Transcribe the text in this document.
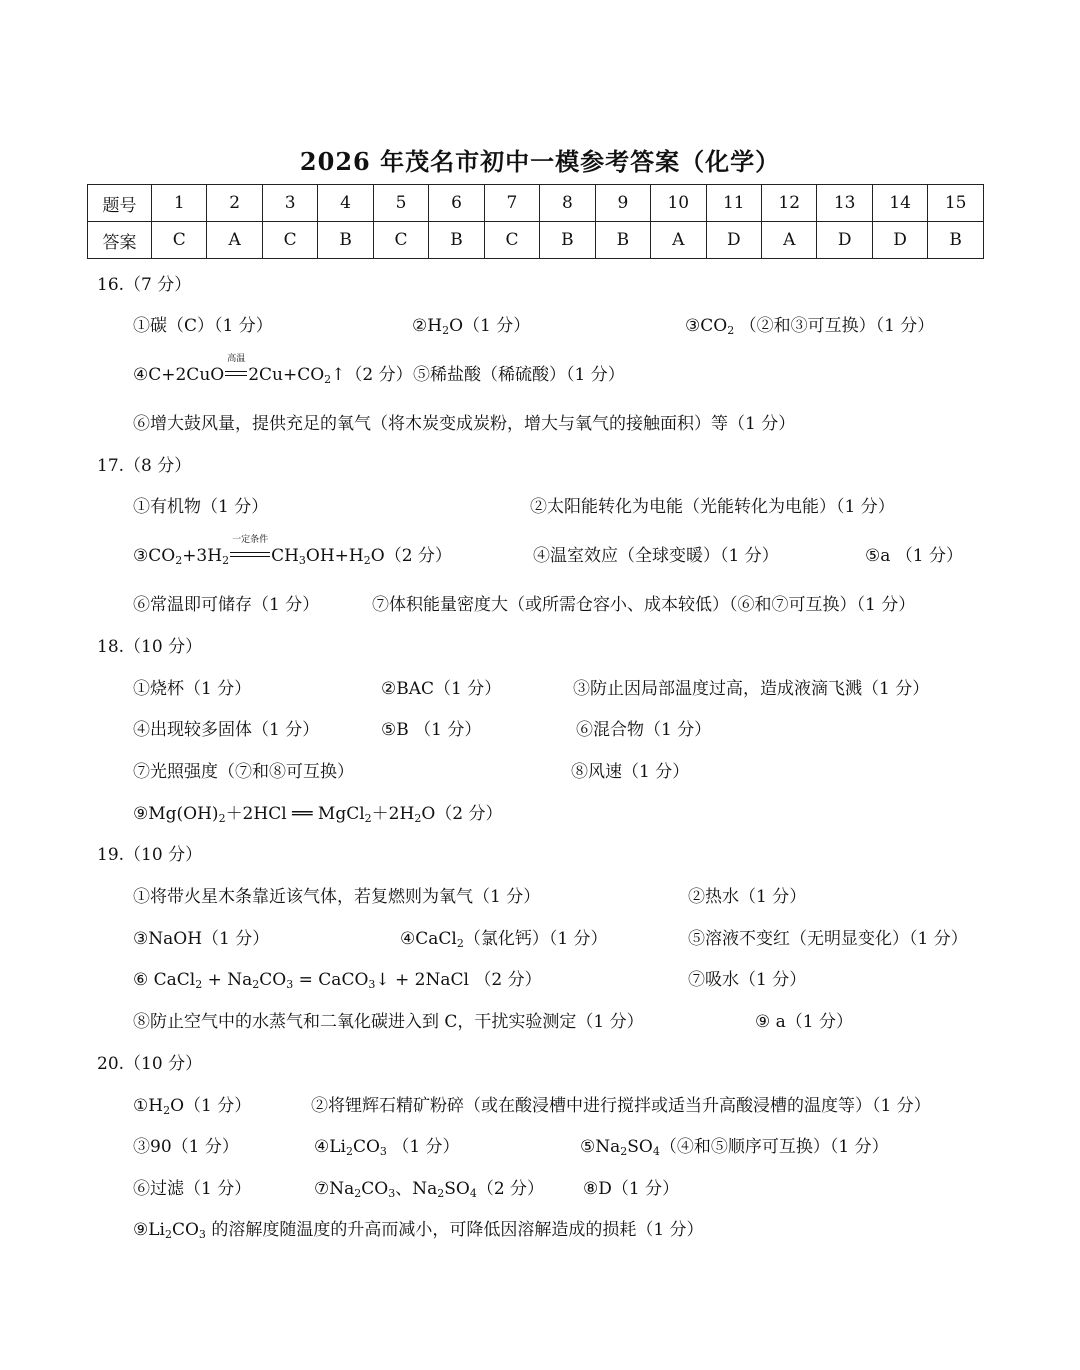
2026 年茂名市初中一模参考答案（化学）
题号	1	2	3	4	5	6	7	8	9	10	11	12	13	14	15
答案	C	A	C	B	C	B	C	B	B	A	D	A	D	D	B
16.（7 分）
①碳（C）（1 分）	$②H_2O(1$ 分）	$③CO_2$ （②和③可互换）（1 分）
④C+2CuO
高温
$2Cu+CO_2↑(2$ 分） ⑤稀盐酸（稀硫酸）（1 分）
⑥增大鼓风量，提供充足的氧气（将木炭变成炭粉，增大与氧气的接触面积）等（1 分）
17.（8 分）
①有机物（1 分）	②太阳能转化为电能（光能转化为电能）（1 分）
$③CO_2+3H_2$
一定条件
$CH_3OH+H_2O(2$ 分）	④温室效应（全球变暖）（1 分）	⑤a （1 分）
⑥常温即可储存（1 分）	⑦体积能量密度大（或所需仓容小、成本较低）（⑥和⑦可互换）（1 分）
18.（10 分）
①烧杯（1 分）	②BAC（1 分）	③防止因局部温度过高，造成液滴飞溅（1 分）
④出现较多固体（1 分）	⑤B （1 分）	⑥混合物（1 分）
⑦光照强度（⑦和⑧可互换）	⑧风速（1 分）
$⑨Mg(OH)_2+2HCl$ ══ $MgCl_2+2H_2O(2$ 分）
19.（10 分）
①将带火星木条靠近该气体，若复燃则为氧气（1 分）	②热水（1 分）
③NaOH（1 分）	④CaCl$_2$（氯化钙）（1 分）	⑤溶液不变红（无明显变化）（1 分）
⑥ CaCl$_2$ + $Na_2CO_3$ = CaCO$_3$↓ + 2NaCl （2 分）	⑦吸水（1 分）
⑧防止空气中的水蒸气和二氧化碳进入到 C，干扰实验测定（1 分）	⑨ a（1 分）
20.（10 分）
$①H_2O(1$ 分）	②将锂辉石精矿粉碎（或在酸浸槽中进行搅拌或适当升高酸浸槽的温度等）（1 分）
③90（1 分）	$④Li_2CO_3$ （1 分）	$⑤Na_2SO_4(④$和⑤顺序可互换）（1 分）
⑥过滤（1 分）	$⑦Na_2CO_3$、$Na_2SO_4(2$ 分） ⑧D（1 分）
$⑨Li_2CO_3$ 的溶解度随温度的升高而减小，可降低因溶解造成的损耗（1 分）
